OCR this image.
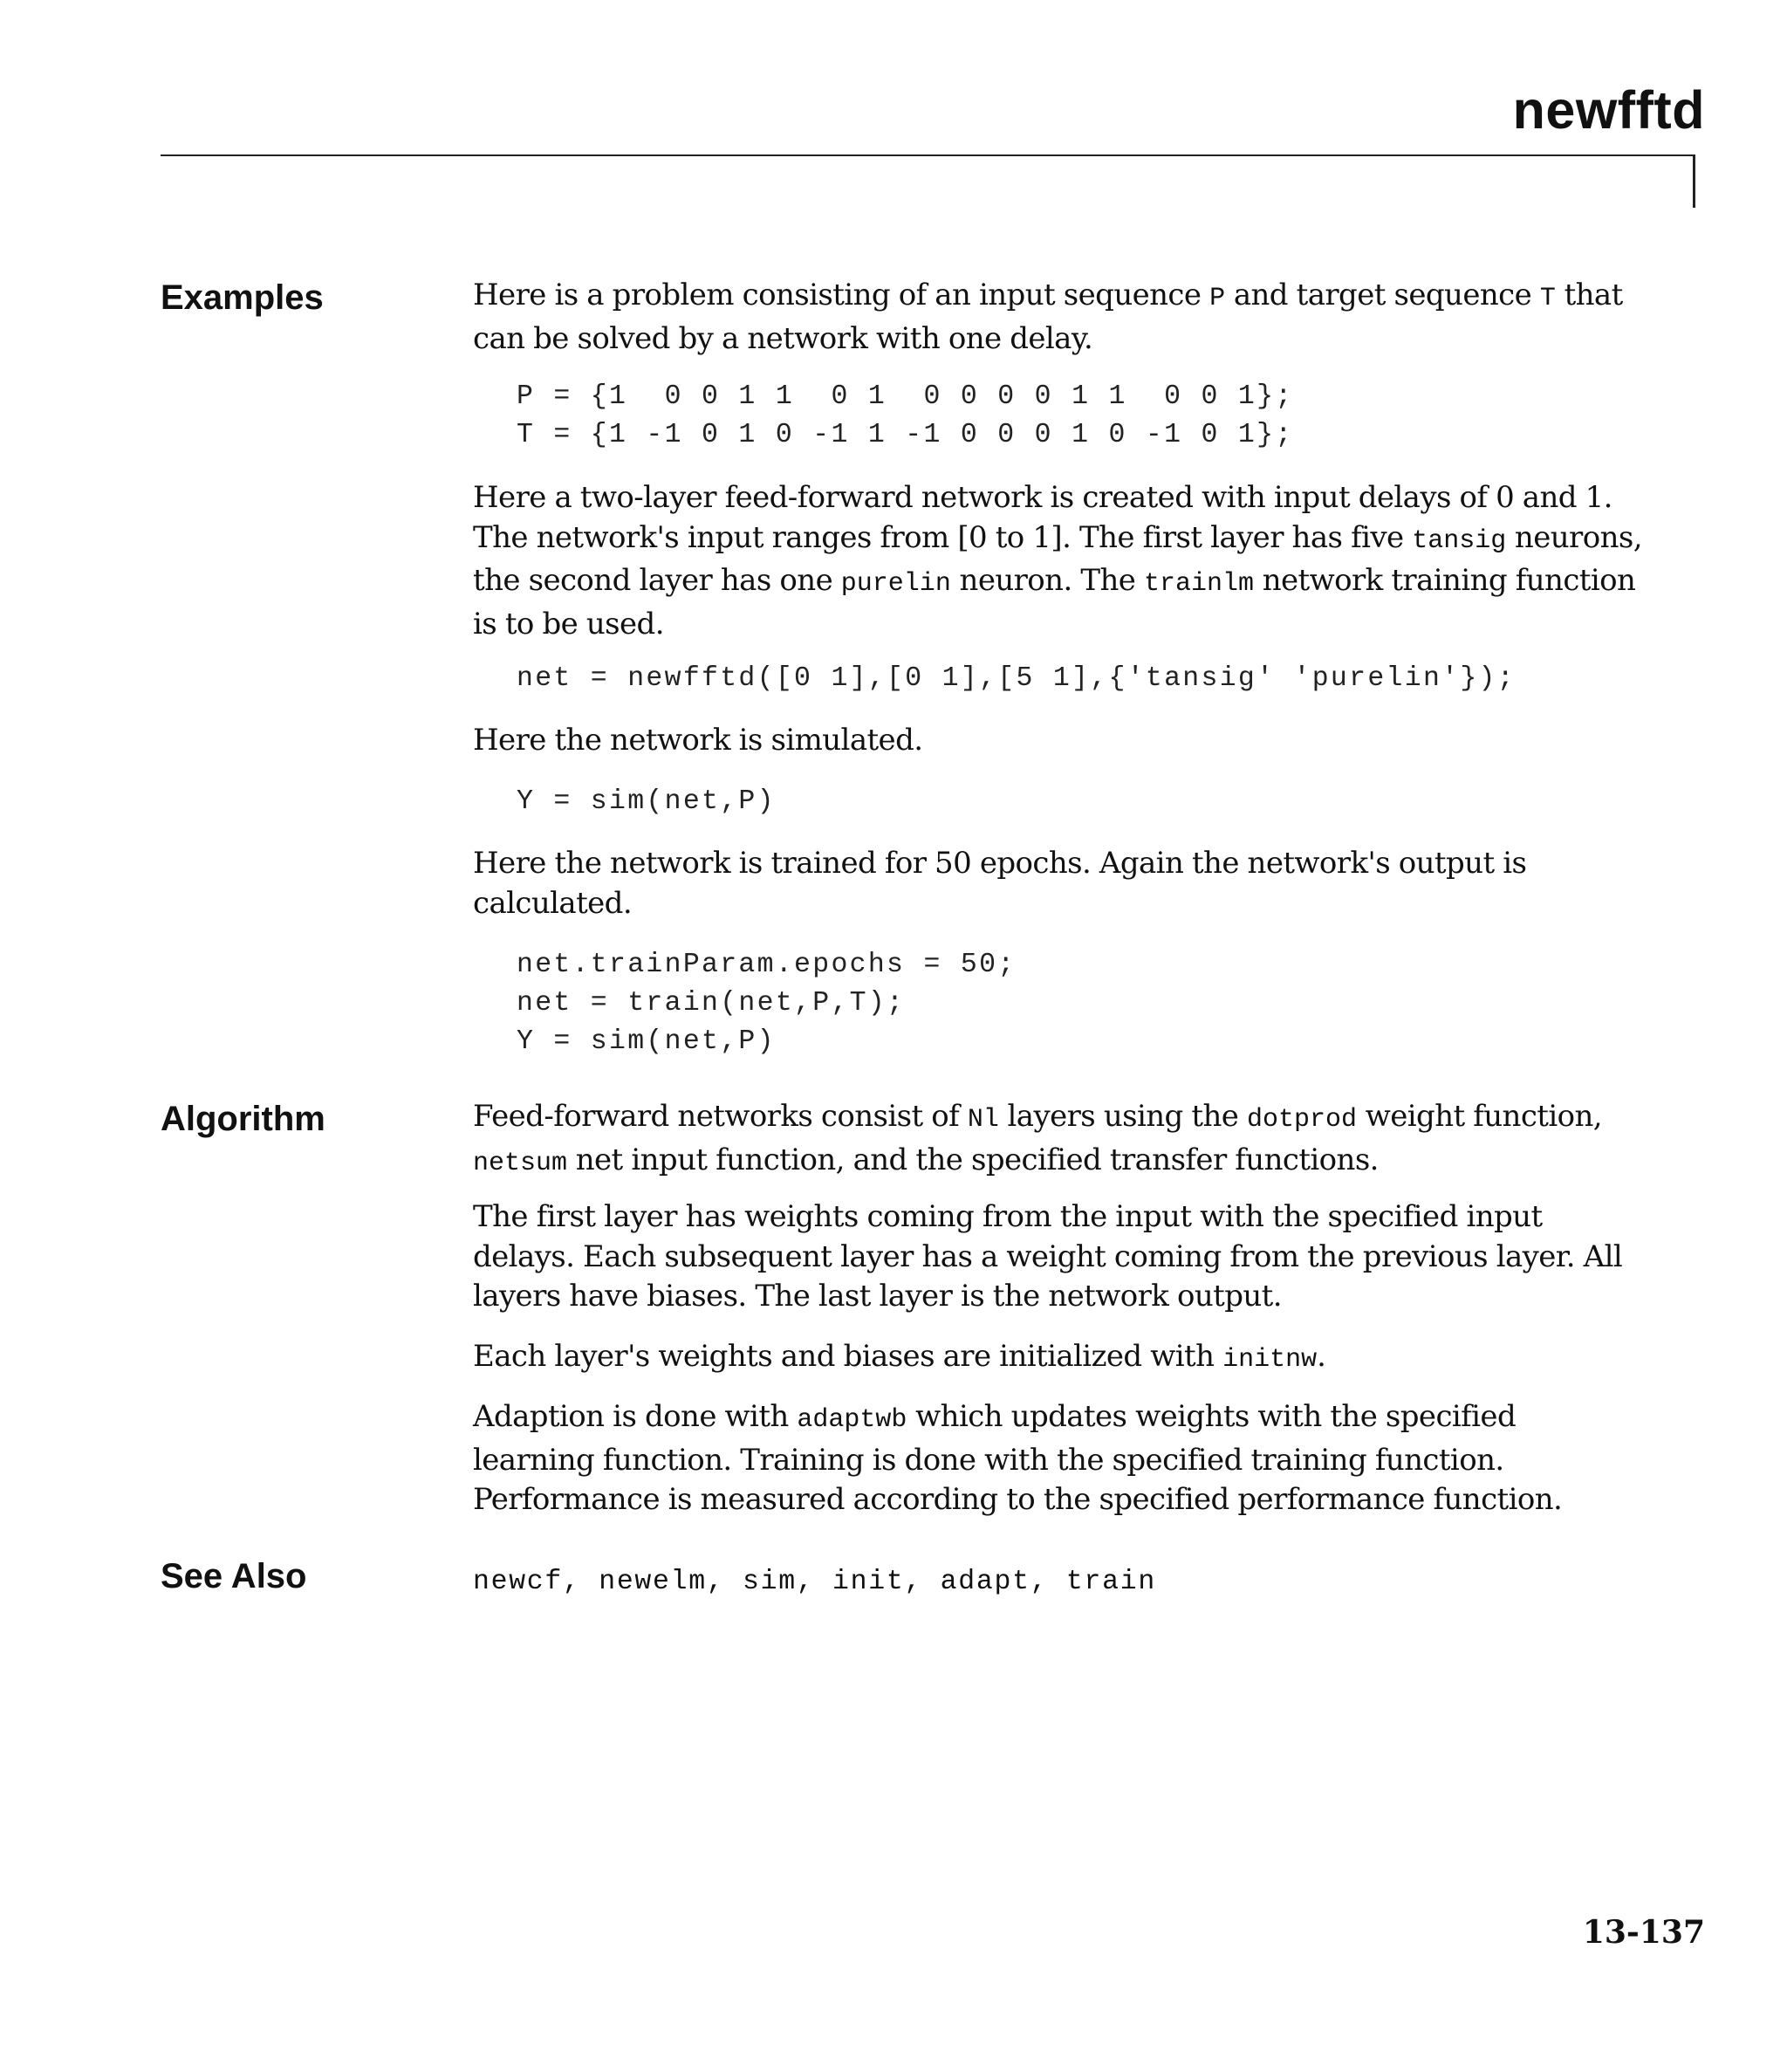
newfftd
Examples	Here is a problem consisting of an input sequence P and target sequence T that can be solved by a network with one delay.

P = {1  0 0 1 1  0 1  0 0 0 0 1 1  0 0 1};
T = {1 -1 0 1 0 -1 1 -1 0 0 0 1 0 -1 0 1};

Here a two-layer feed-forward network is created with input delays of 0 and 1. The network's input ranges from [0 to 1]. The first layer has five tansig neurons, the second layer has one purelin neuron. The trainlm network training function is to be used.

net = newfftd([0 1],[0 1],[5 1],{'tansig' 'purelin'});

Here the network is simulated.

Y = sim(net,P)

Here the network is trained for 50 epochs. Again the network's output is calculated.

net.trainParam.epochs = 50;
net = train(net,P,T);
Y = sim(net,P)
Algorithm	Feed-forward networks consist of Nl layers using the dotprod weight function, netsum net input function, and the specified transfer functions.

The first layer has weights coming from the input with the specified input delays. Each subsequent layer has a weight coming from the previous layer. All layers have biases. The last layer is the network output.

Each layer's weights and biases are initialized with initnw.

Adaption is done with adaptwb which updates weights with the specified learning function. Training is done with the specified training function. Performance is measured according to the specified performance function.

See Also	newcf, newelm, sim, init, adapt, train

13-137
